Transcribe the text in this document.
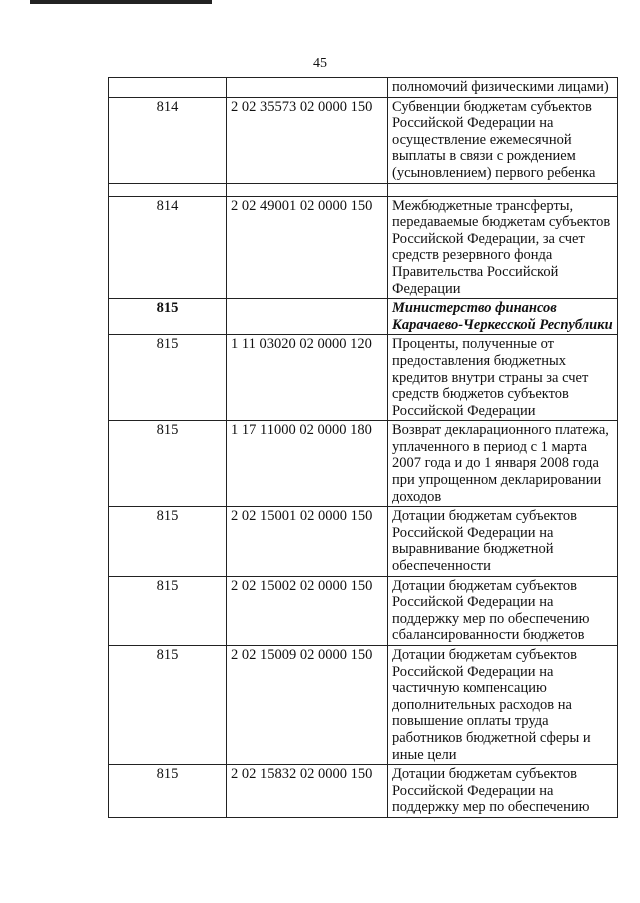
45
		полномочий физическими лицами)
814	2 02 35573 02 0000 150	Субвенции бюджетам субъектов Российской Федерации на осуществление ежемесячной выплаты в связи с рождением (усыновлением) первого ребенка

814	2 02 49001 02 0000 150	Межбюджетные трансферты, передаваемые бюджетам субъектов Российской Федерации, за счет средств резервного фонда Правительства Российской Федерации
815		Министерство финансов Карачаево-Черкесской Республики
815	1 11 03020 02 0000 120	Проценты, полученные от предоставления бюджетных кредитов внутри страны за счет средств бюджетов субъектов Российской Федерации
815	1 17 11000 02 0000 180	Возврат декларационного платежа, уплаченного в период с 1 марта 2007 года и до 1 января 2008 года при упрощенном декларировании доходов
815	2 02 15001 02 0000 150	Дотации бюджетам субъектов Российской Федерации на выравнивание бюджетной обеспеченности
815	2 02 15002 02 0000 150	Дотации бюджетам субъектов Российской Федерации на поддержку мер по обеспечению сбалансированности бюджетов
815	2 02 15009 02 0000 150	Дотации бюджетам субъектов Российской Федерации на частичную компенсацию дополнительных расходов на повышение оплаты труда работников бюджетной сферы и иные цели
815	2 02 15832 02 0000 150	Дотации бюджетам субъектов Российской Федерации на поддержку мер по обеспечению
